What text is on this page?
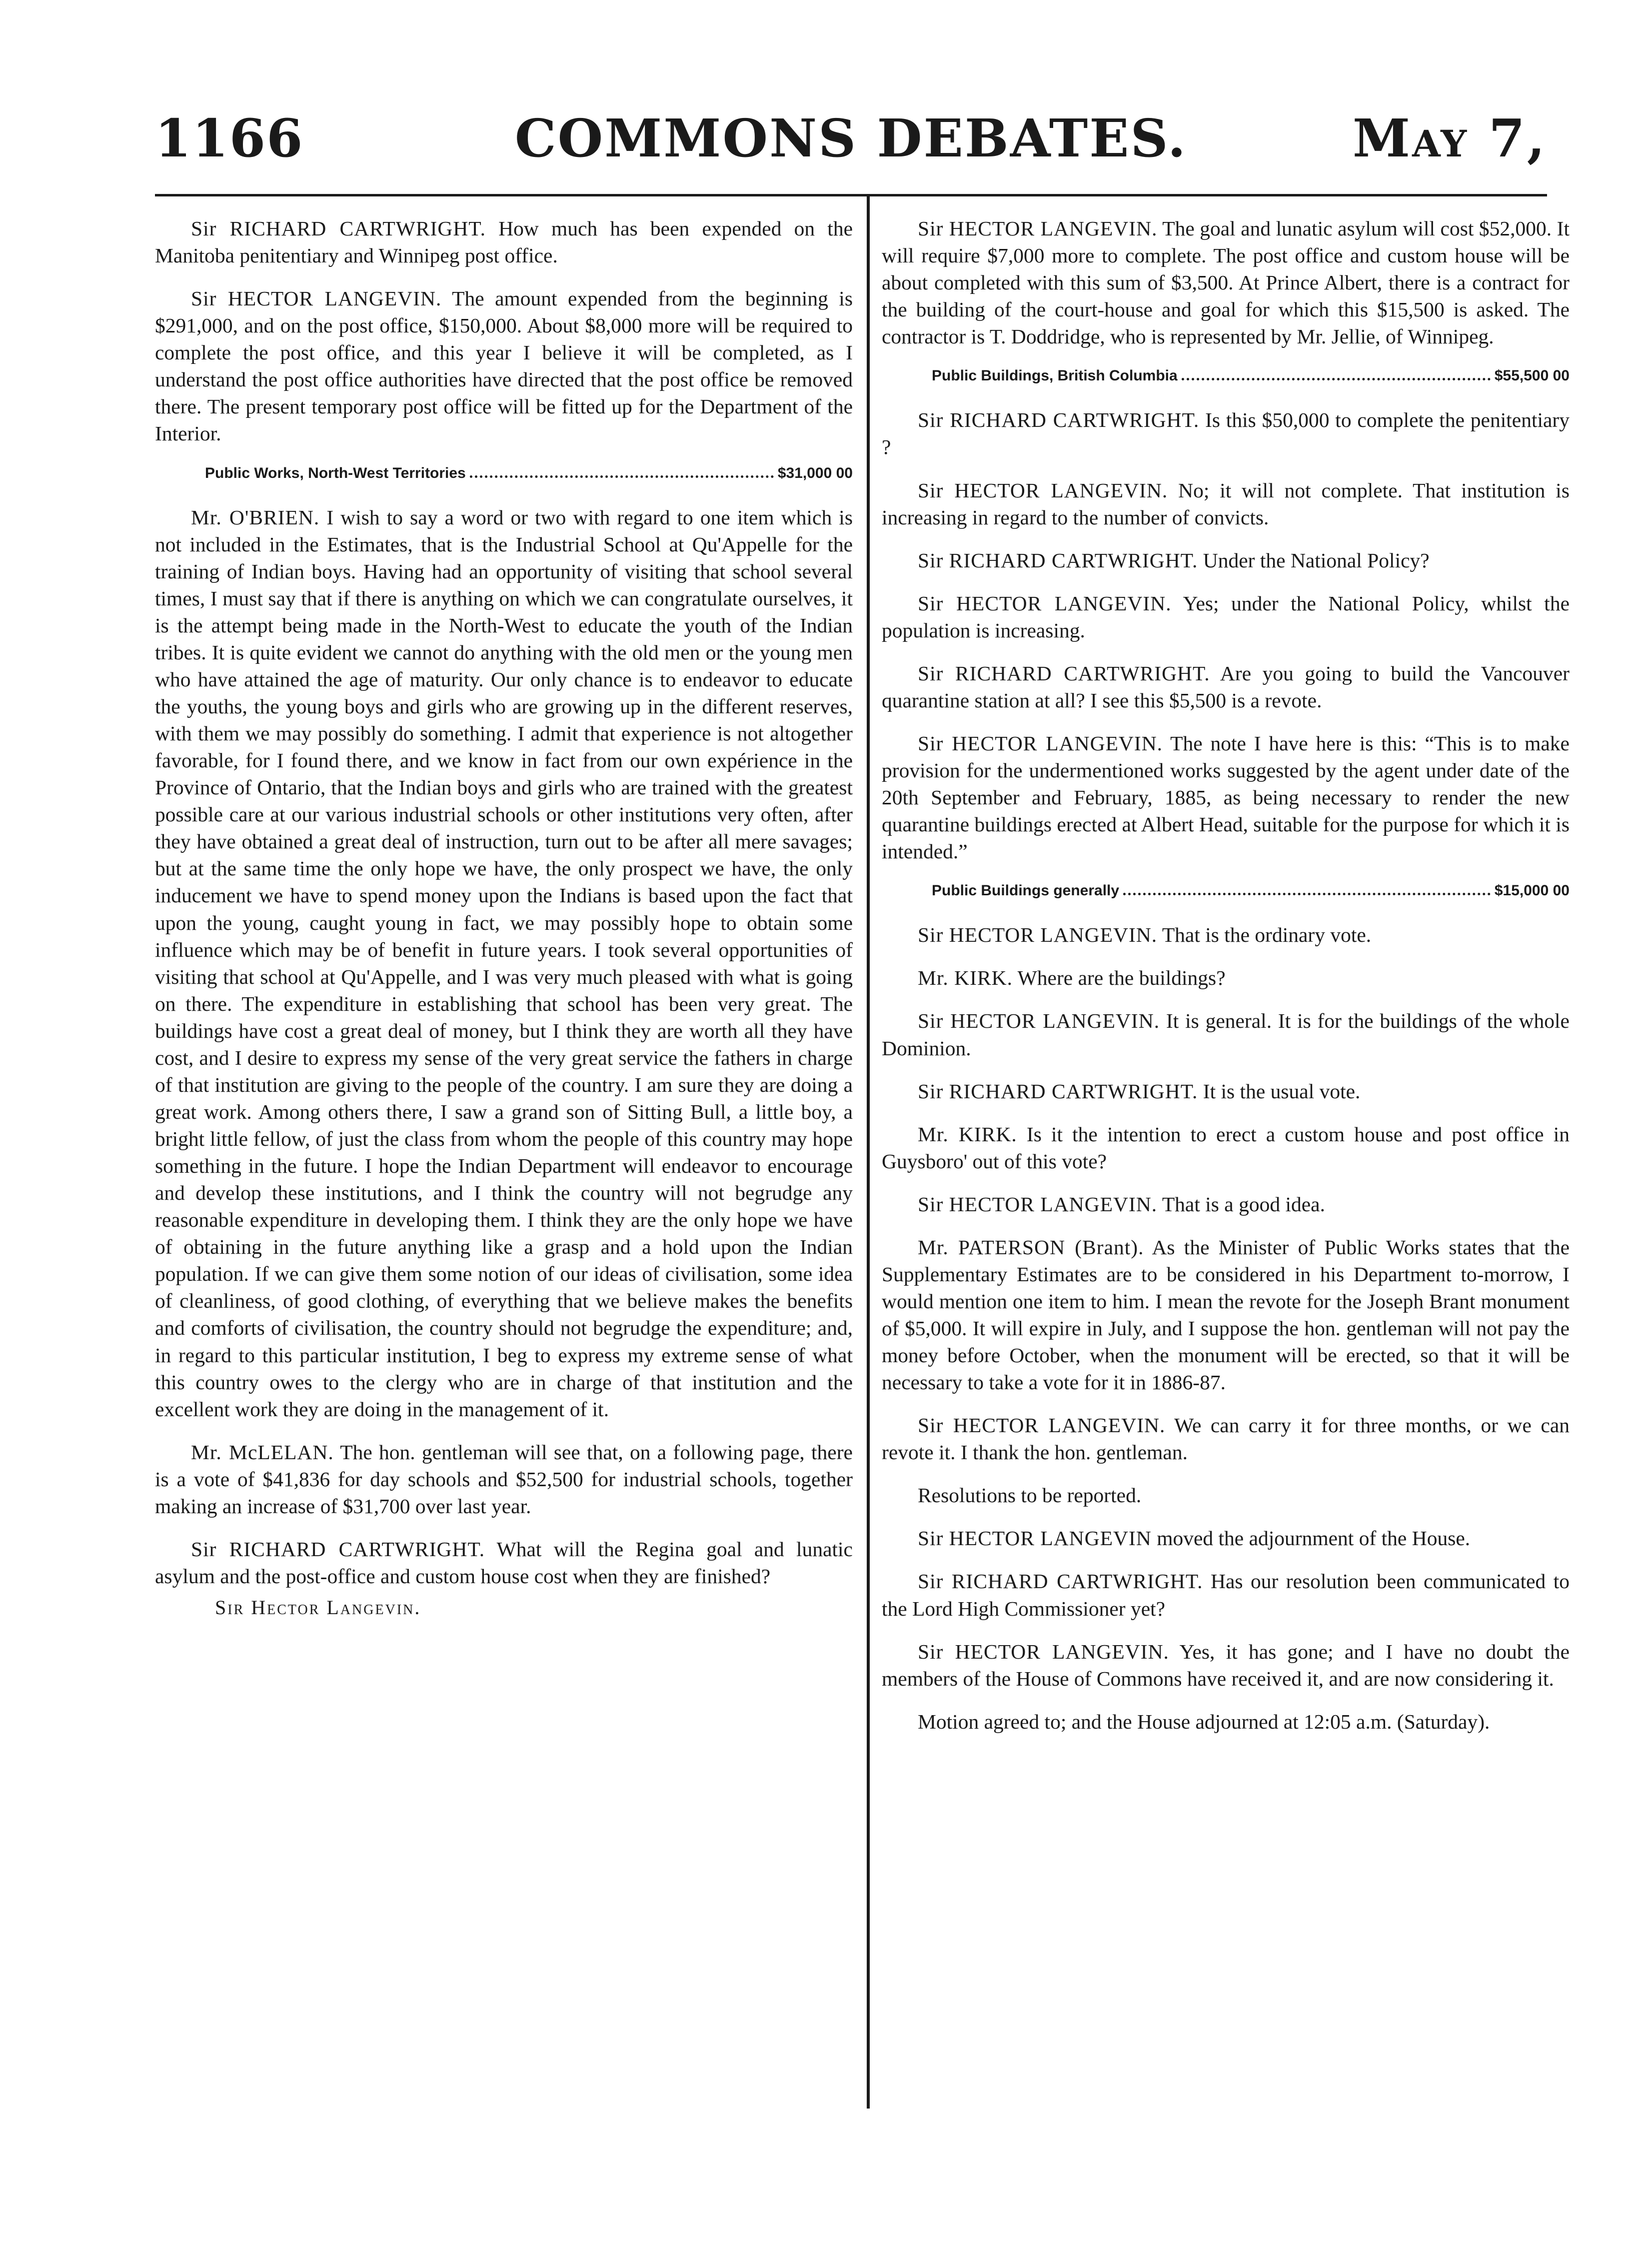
1166	COMMONS DEBATES.	May 7,

Sir RICHARD CARTWRIGHT. How much has been expended on the Manitoba penitentiary and Winnipeg post office.

Sir HECTOR LANGEVIN. The amount expended from the beginning is $291,000, and on the post office, $150,000. About $8,000 more will be required to complete the post office, and this year I believe it will be completed, as I understand the post office authorities have directed that the post office be removed there. The present temporary post office will be fitted up for the Department of the Interior.

Public Works, North-West Territories	$31,000 00

Mr. O'BRIEN. I wish to say a word or two with regard to one item which is not included in the Estimates, that is the Industrial School at Qu'Appelle for the training of Indian boys. Having had an opportunity of visiting that school several times, I must say that if there is anything on which we can congratulate ourselves, it is the attempt being made in the North-West to educate the youth of the Indian tribes. It is quite evident we cannot do anything with the old men or the young men who have attained the age of maturity. Our only chance is to endeavor to educate the youths, the young boys and girls who are growing up in the different reserves, with them we may possibly do something. I admit that experience is not altogether favorable, for I found there, and we know in fact from our own expérience in the Province of Ontario, that the Indian boys and girls who are trained with the greatest possible care at our various industrial schools or other institutions very often, after they have obtained a great deal of instruction, turn out to be after all mere savages; but at the same time the only hope we have, the only prospect we have, the only inducement we have to spend money upon the Indians is based upon the fact that upon the young, caught young in fact, we may possibly hope to obtain some influence which may be of benefit in future years. I took several opportunities of visiting that school at Qu'Appelle, and I was very much pleased with what is going on there. The expenditure in establishing that school has been very great. The buildings have cost a great deal of money, but I think they are worth all they have cost, and I desire to express my sense of the very great service the fathers in charge of that institution are giving to the people of the country. I am sure they are doing a great work. Among others there, I saw a grand son of Sitting Bull, a little boy, a bright little fellow, of just the class from whom the people of this country may hope something in the future. I hope the Indian Department will endeavor to encourage and develop these institutions, and I think the country will not begrudge any reasonable expenditure in developing them. I think they are the only hope we have of obtaining in the future anything like a grasp and a hold upon the Indian population. If we can give them some notion of our ideas of civilisation, some idea of cleanliness, of good clothing, of everything that we believe makes the benefits and comforts of civilisation, the country should not begrudge the expenditure; and, in regard to this particular institution, I beg to express my extreme sense of what this country owes to the clergy who are in charge of that institution and the excellent work they are doing in the management of it.

Mr. McLELAN. The hon. gentleman will see that, on a following page, there is a vote of $41,836 for day schools and $52,500 for industrial schools, together making an increase of $31,700 over last year.

Sir RICHARD CARTWRIGHT. What will the Regina goal and lunatic asylum and the post-office and custom house cost when they are finished?

Sir Hector Langevin.

Sir HECTOR LANGEVIN. The goal and lunatic asylum will cost $52,000. It will require $7,000 more to complete. The post office and custom house will be about completed with this sum of $3,500. At Prince Albert, there is a contract for the building of the court-house and goal for which this $15,500 is asked. The contractor is T. Doddridge, who is represented by Mr. Jellie, of Winnipeg.

Public Buildings, British Columbia	$55,500 00

Sir RICHARD CARTWRIGHT. Is this $50,000 to complete the penitentiary ?

Sir HECTOR LANGEVIN. No; it will not complete. That institution is increasing in regard to the number of convicts.

Sir RICHARD CARTWRIGHT. Under the National Policy?

Sir HECTOR LANGEVIN. Yes; under the National Policy, whilst the population is increasing.

Sir RICHARD CARTWRIGHT. Are you going to build the Vancouver quarantine station at all? I see this $5,500 is a revote.

Sir HECTOR LANGEVIN. The note I have here is this: “This is to make provision for the undermentioned works suggested by the agent under date of the 20th September and February, 1885, as being necessary to render the new quarantine buildings erected at Albert Head, suitable for the purpose for which it is intended.”

Public Buildings generally	$15,000 00

Sir HECTOR LANGEVIN. That is the ordinary vote.

Mr. KIRK. Where are the buildings?

Sir HECTOR LANGEVIN. It is general. It is for the buildings of the whole Dominion.

Sir RICHARD CARTWRIGHT. It is the usual vote.

Mr. KIRK. Is it the intention to erect a custom house and post office in Guysboro' out of this vote?

Sir HECTOR LANGEVIN. That is a good idea.

Mr. PATERSON (Brant). As the Minister of Public Works states that the Supplementary Estimates are to be considered in his Department to-morrow, I would mention one item to him. I mean the revote for the Joseph Brant monument of $5,000. It will expire in July, and I suppose the hon. gentleman will not pay the money before October, when the monument will be erected, so that it will be necessary to take a vote for it in 1886-87.

Sir HECTOR LANGEVIN. We can carry it for three months, or we can revote it. I thank the hon. gentleman.

Resolutions to be reported.

Sir HECTOR LANGEVIN moved the adjournment of the House.

Sir RICHARD CARTWRIGHT. Has our resolution been communicated to the Lord High Commissioner yet?

Sir HECTOR LANGEVIN. Yes, it has gone; and I have no doubt the members of the House of Commons have received it, and are now considering it.

Motion agreed to; and the House adjourned at 12:05 a.m. (Saturday).
